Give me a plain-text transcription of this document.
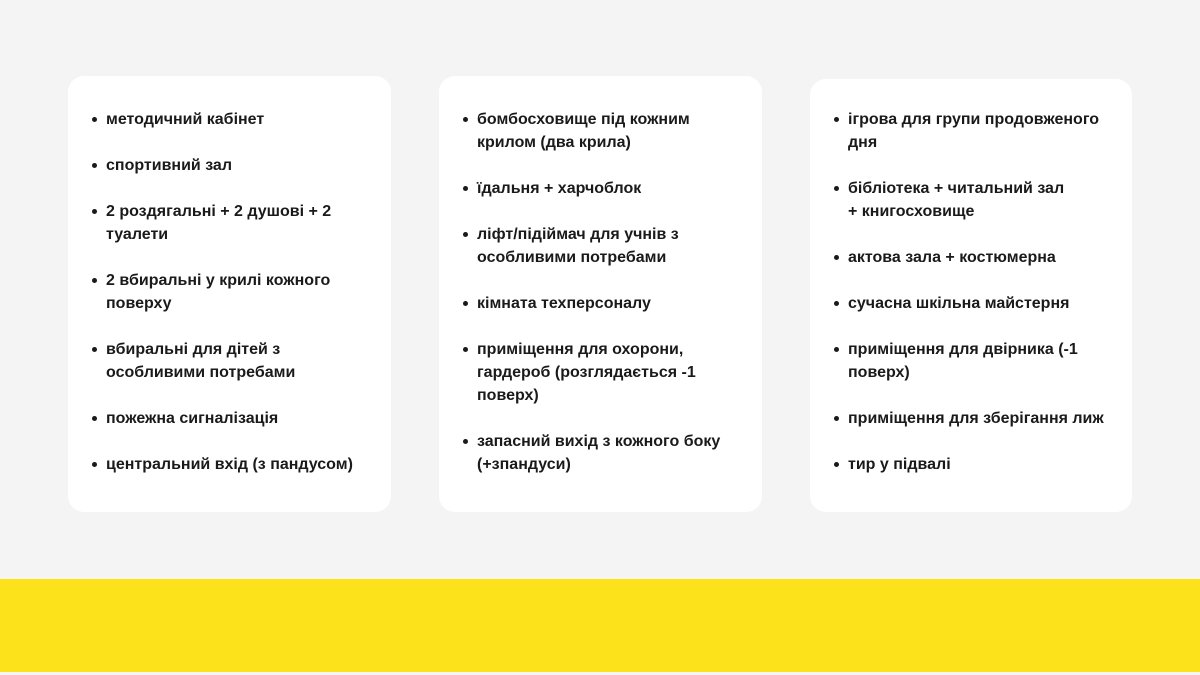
методичний кабінет
спортивний зал
2 роздягальні + 2 душові + 2 туалети
2 вбиральні у крилі кожного поверху
вбиральні для дітей з особливими потребами
пожежна сигналізація
центральний вхід (з пандусом)
бомбосховище під кожним крилом (два крила)
їдальня + харчоблок
ліфт/підіймач для учнів з особливими потребами
кімната техперсоналу
приміщення для охорони, гардероб (розглядається -1 поверх)
запасний вихід з кожного боку (+зпандуси)
ігрова для групи продовженого дня
бібліотека + читальний зал
+ книгосховище
актова зала + костюмерна
сучасна шкільна майстерня
приміщення для двірника (-1 поверх)
приміщення для зберігання лиж
тир у підвалі
